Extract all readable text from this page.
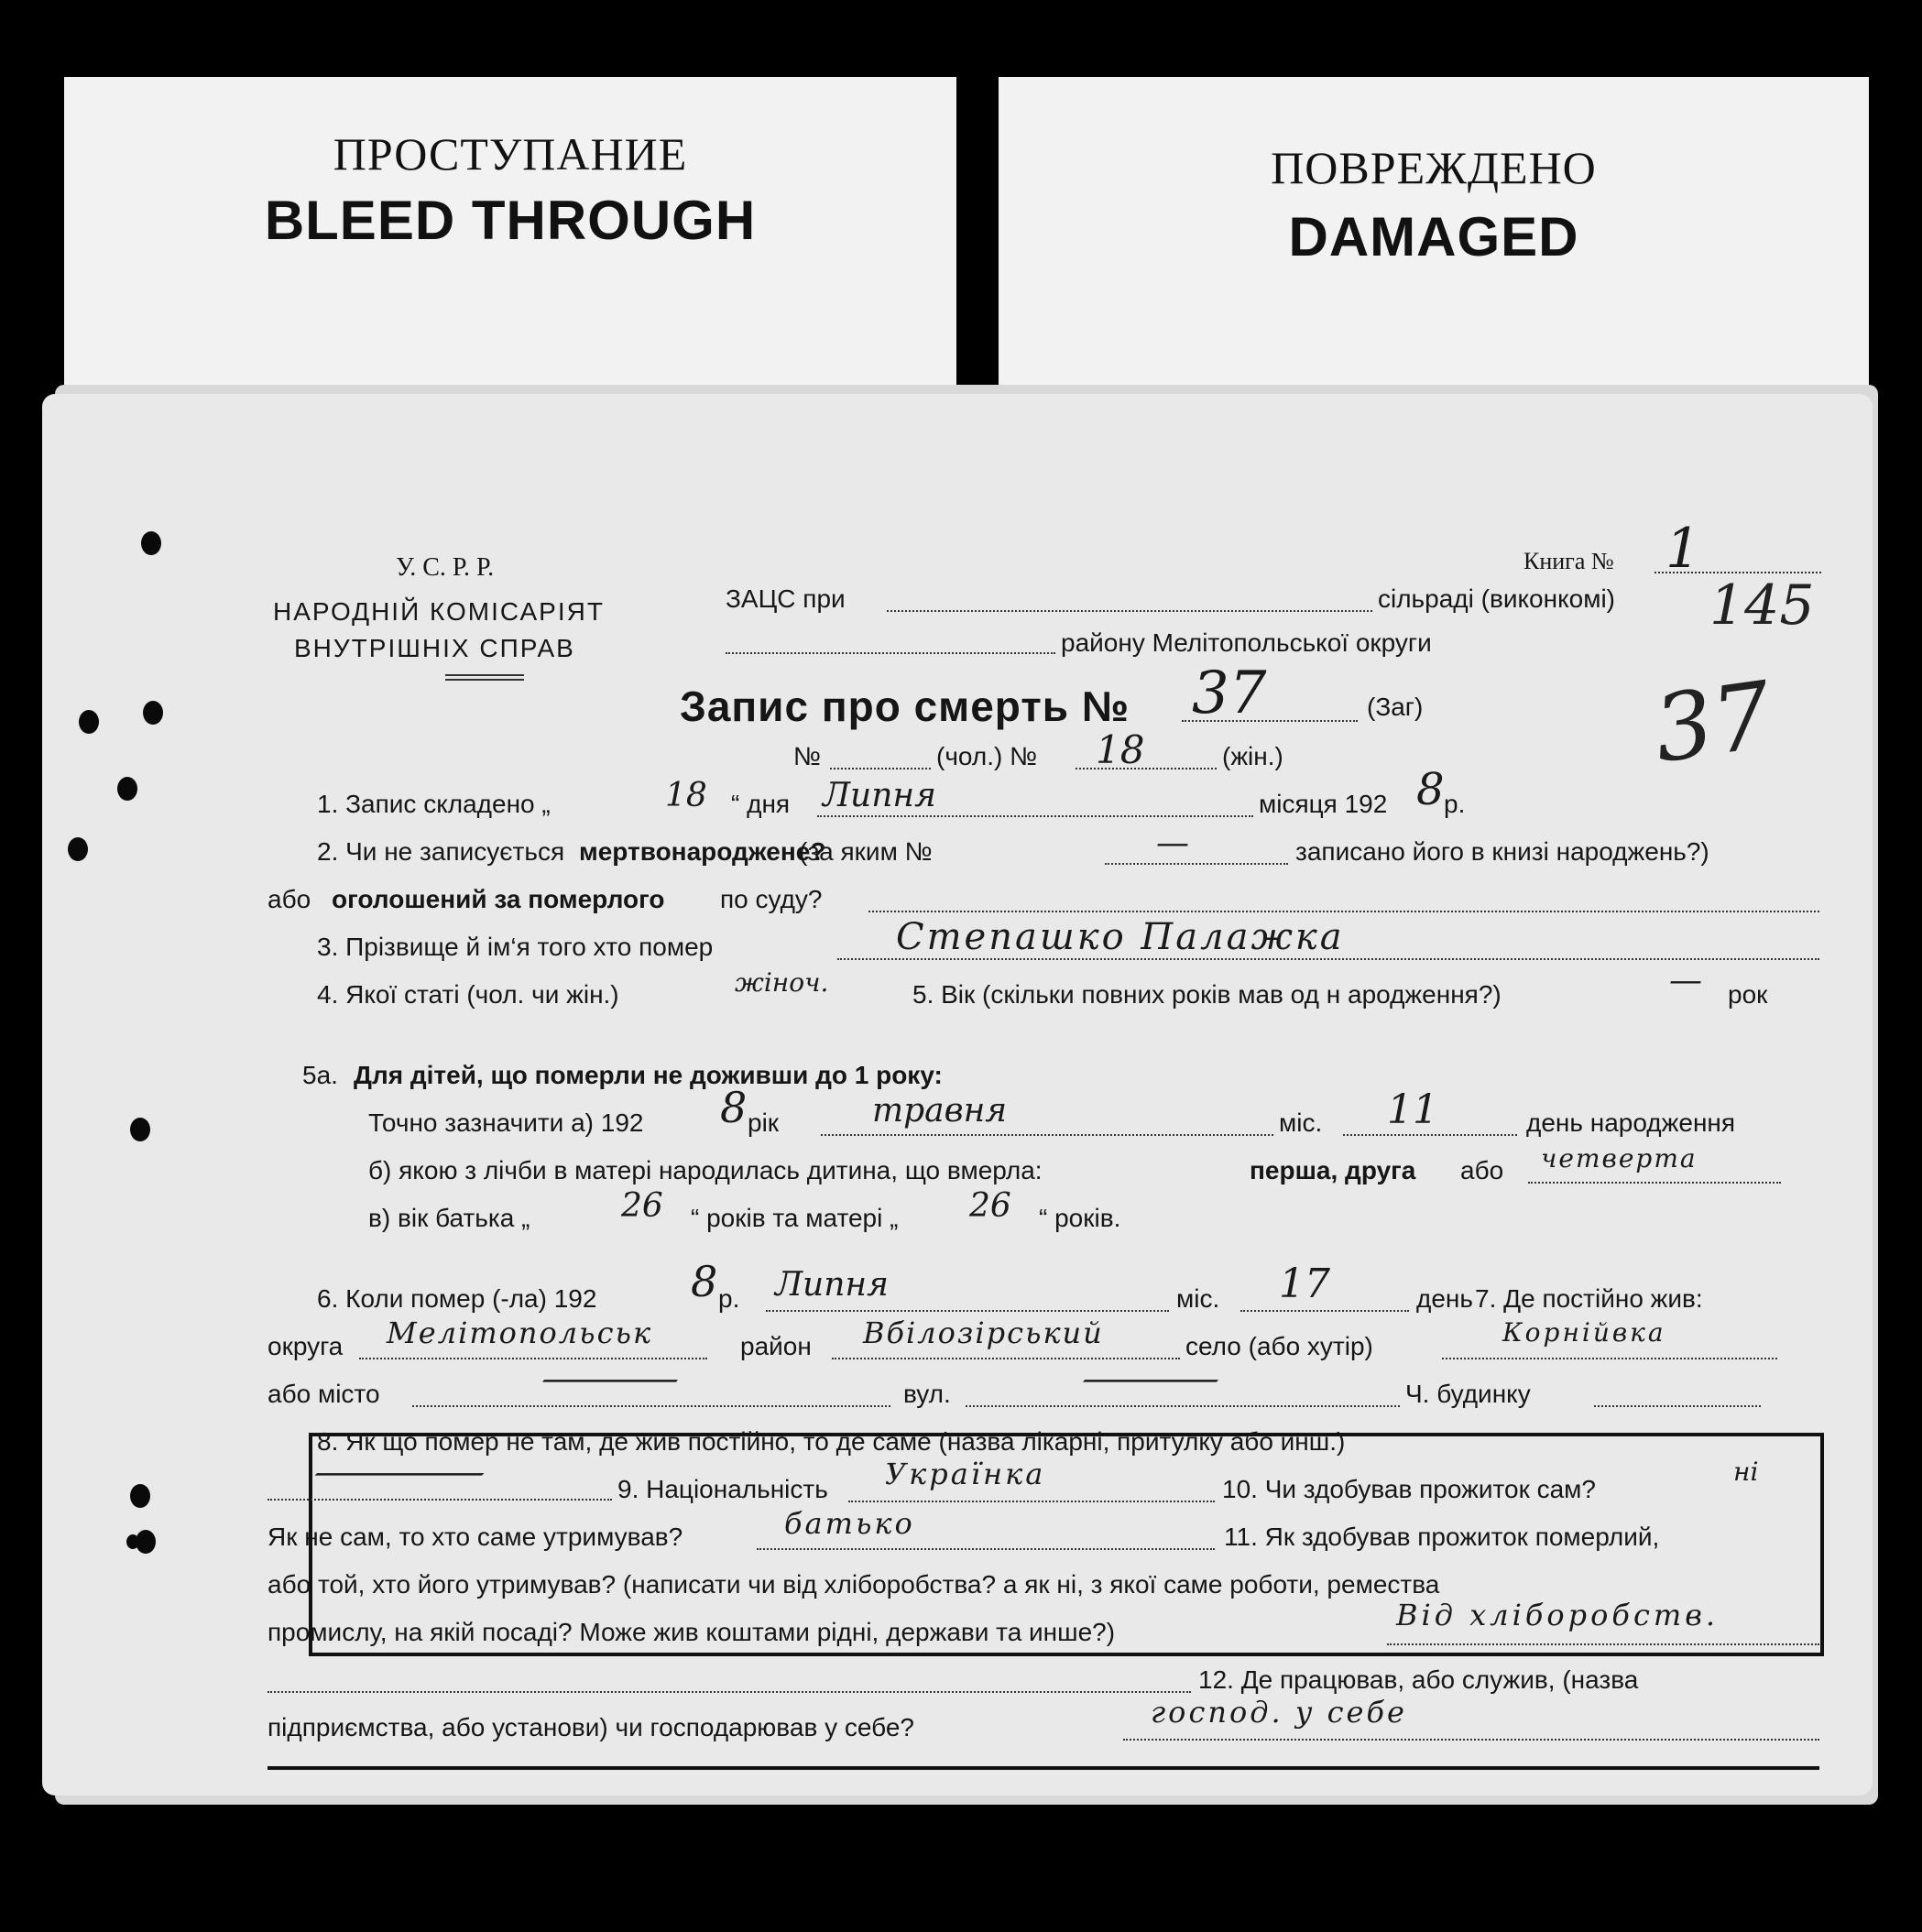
ПРОСТУПАНИЕ
BLEED THROUGH
ПОВРЕЖДЕНО
DAMAGED
У. С. Р. Р.
НАРОДНІЙ КОМІСАРІЯТ
ВНУТРІШНІХ СПРАВ
ЗАЦС при	сільраді (виконкомі)
Книга № 1
району Мелітопольської округи
Запис про смерть № 37	(Заг)
№	(чол.) № 18	(жін.)
145
37
1. Запис складено „	18 “ дня Липня	місяця 192 8 р.
2. Чи не записується мертвонароджене?
(за яким №	—	записано його в книзі народжень?)
або оголошений за померлого по суду?
3. Прізвище й ім‘я того хто помер	Степашко Палажка
4. Якої статі (чол. чи жін.)	жіноч.	5. Вік (скільки повних років мав од н ародження?)	— рок
5а. Для дітей, що померли не доживши до 1 року:
Точно зазначити а) 192 8 рік	травня	міс. 11	день народження
б) якою з лічби в матері народилась дитина, що вмерла:	перша, друга або четверта
в) вік батька „	26 “ років та матері „ 26 “ років.
6. Коли помер (-ла) 192 8 р. Липня	міс. 17	день 7. Де постійно жив:
округа Мелітопольськ	район Вбілозірський	село (або хутір)	Корнійвка
або місто	—	вул.	—	Ч. будинку
8. Як що помер не там, де жив постійно, то де саме (назва лікарні, притулку або инш.)
—	9. Національність Українка	10. Чи здобував прожиток сам?
ні
Як не сам, то хто саме утримував?	батько	11. Як здобував прожиток померлий,
або той, хто його утримував? (написати чи від хліборобства? а як ні, з якої саме роботи, ремества
промислу, на якій посаді? Може жив коштами рідні, держави та инше?)	Від хліборобств.
12. Де працював, або служив, (назва
підприємства, або установи) чи господарював у себе?	господ. у себе
